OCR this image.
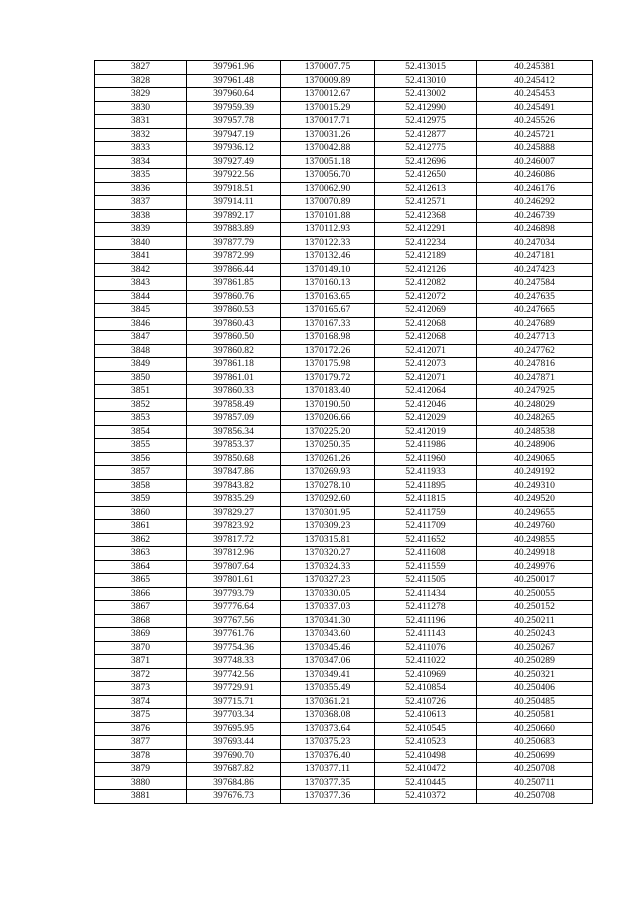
3827	397961.96	1370007.75	52.413015	40.245381
3828	397961.48	1370009.89	52.413010	40.245412
3829	397960.64	1370012.67	52.413002	40.245453
3830	397959.39	1370015.29	52.412990	40.245491
3831	397957.78	1370017.71	52.412975	40.245526
3832	397947.19	1370031.26	52.412877	40.245721
3833	397936.12	1370042.88	52.412775	40.245888
3834	397927.49	1370051.18	52.412696	40.246007
3835	397922.56	1370056.70	52.412650	40.246086
3836	397918.51	1370062.90	52.412613	40.246176
3837	397914.11	1370070.89	52.412571	40.246292
3838	397892.17	1370101.88	52.412368	40.246739
3839	397883.89	1370112.93	52.412291	40.246898
3840	397877.79	1370122.33	52.412234	40.247034
3841	397872.99	1370132.46	52.412189	40.247181
3842	397866.44	1370149.10	52.412126	40.247423
3843	397861.85	1370160.13	52.412082	40.247584
3844	397860.76	1370163.65	52.412072	40.247635
3845	397860.53	1370165.67	52.412069	40.247665
3846	397860.43	1370167.33	52.412068	40.247689
3847	397860.50	1370168.98	52.412068	40.247713
3848	397860.82	1370172.26	52.412071	40.247762
3849	397861.18	1370175.98	52.412073	40.247816
3850	397861.01	1370179.72	52.412071	40.247871
3851	397860.33	1370183.40	52.412064	40.247925
3852	397858.49	1370190.50	52.412046	40.248029
3853	397857.09	1370206.66	52.412029	40.248265
3854	397856.34	1370225.20	52.412019	40.248538
3855	397853.37	1370250.35	52.411986	40.248906
3856	397850.68	1370261.26	52.411960	40.249065
3857	397847.86	1370269.93	52.411933	40.249192
3858	397843.82	1370278.10	52.411895	40.249310
3859	397835.29	1370292.60	52.411815	40.249520
3860	397829.27	1370301.95	52.411759	40.249655
3861	397823.92	1370309.23	52.411709	40.249760
3862	397817.72	1370315.81	52.411652	40.249855
3863	397812.96	1370320.27	52.411608	40.249918
3864	397807.64	1370324.33	52.411559	40.249976
3865	397801.61	1370327.23	52.411505	40.250017
3866	397793.79	1370330.05	52.411434	40.250055
3867	397776.64	1370337.03	52.411278	40.250152
3868	397767.56	1370341.30	52.411196	40.250211
3869	397761.76	1370343.60	52.411143	40.250243
3870	397754.36	1370345.46	52.411076	40.250267
3871	397748.33	1370347.06	52.411022	40.250289
3872	397742.56	1370349.41	52.410969	40.250321
3873	397729.91	1370355.49	52.410854	40.250406
3874	397715.71	1370361.21	52.410726	40.250485
3875	397703.34	1370368.08	52.410613	40.250581
3876	397695.95	1370373.64	52.410545	40.250660
3877	397693.44	1370375.23	52.410523	40.250683
3878	397690.70	1370376.40	52.410498	40.250699
3879	397687.82	1370377.11	52.410472	40.250708
3880	397684.86	1370377.35	52.410445	40.250711
3881	397676.73	1370377.36	52.410372	40.250708
